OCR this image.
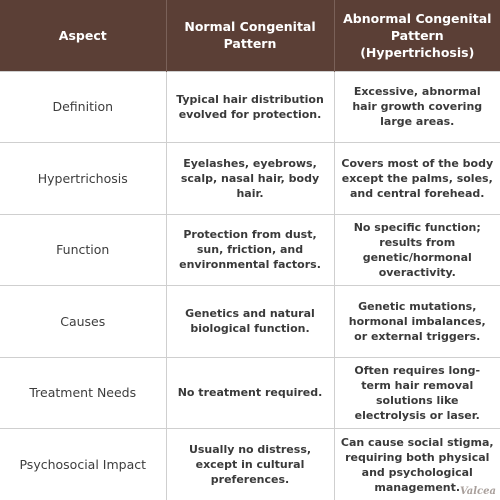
Aspect	Normal Congenital Pattern	Abnormal Congenital Pattern (Hypertrichosis)
Definition	Typical hair distribution evolved for protection.	Excessive, abnormal hair growth covering large areas.
Hypertrichosis	Eyelashes, eyebrows, scalp, nasal hair, body hair.	Covers most of the body except the palms, soles, and central forehead.
Function	Protection from dust, sun, friction, and environmental factors.	No specific function; results from genetic/hormonal overactivity.
Causes	Genetics and natural biological function.	Genetic mutations, hormonal imbalances, or external triggers.
Treatment Needs	No treatment required.	Often requires long-term hair removal solutions like electrolysis or laser.
Psychosocial Impact	Usually no distress, except in cultural preferences.	Can cause social stigma, requiring both physical and psychological management. Valcea
